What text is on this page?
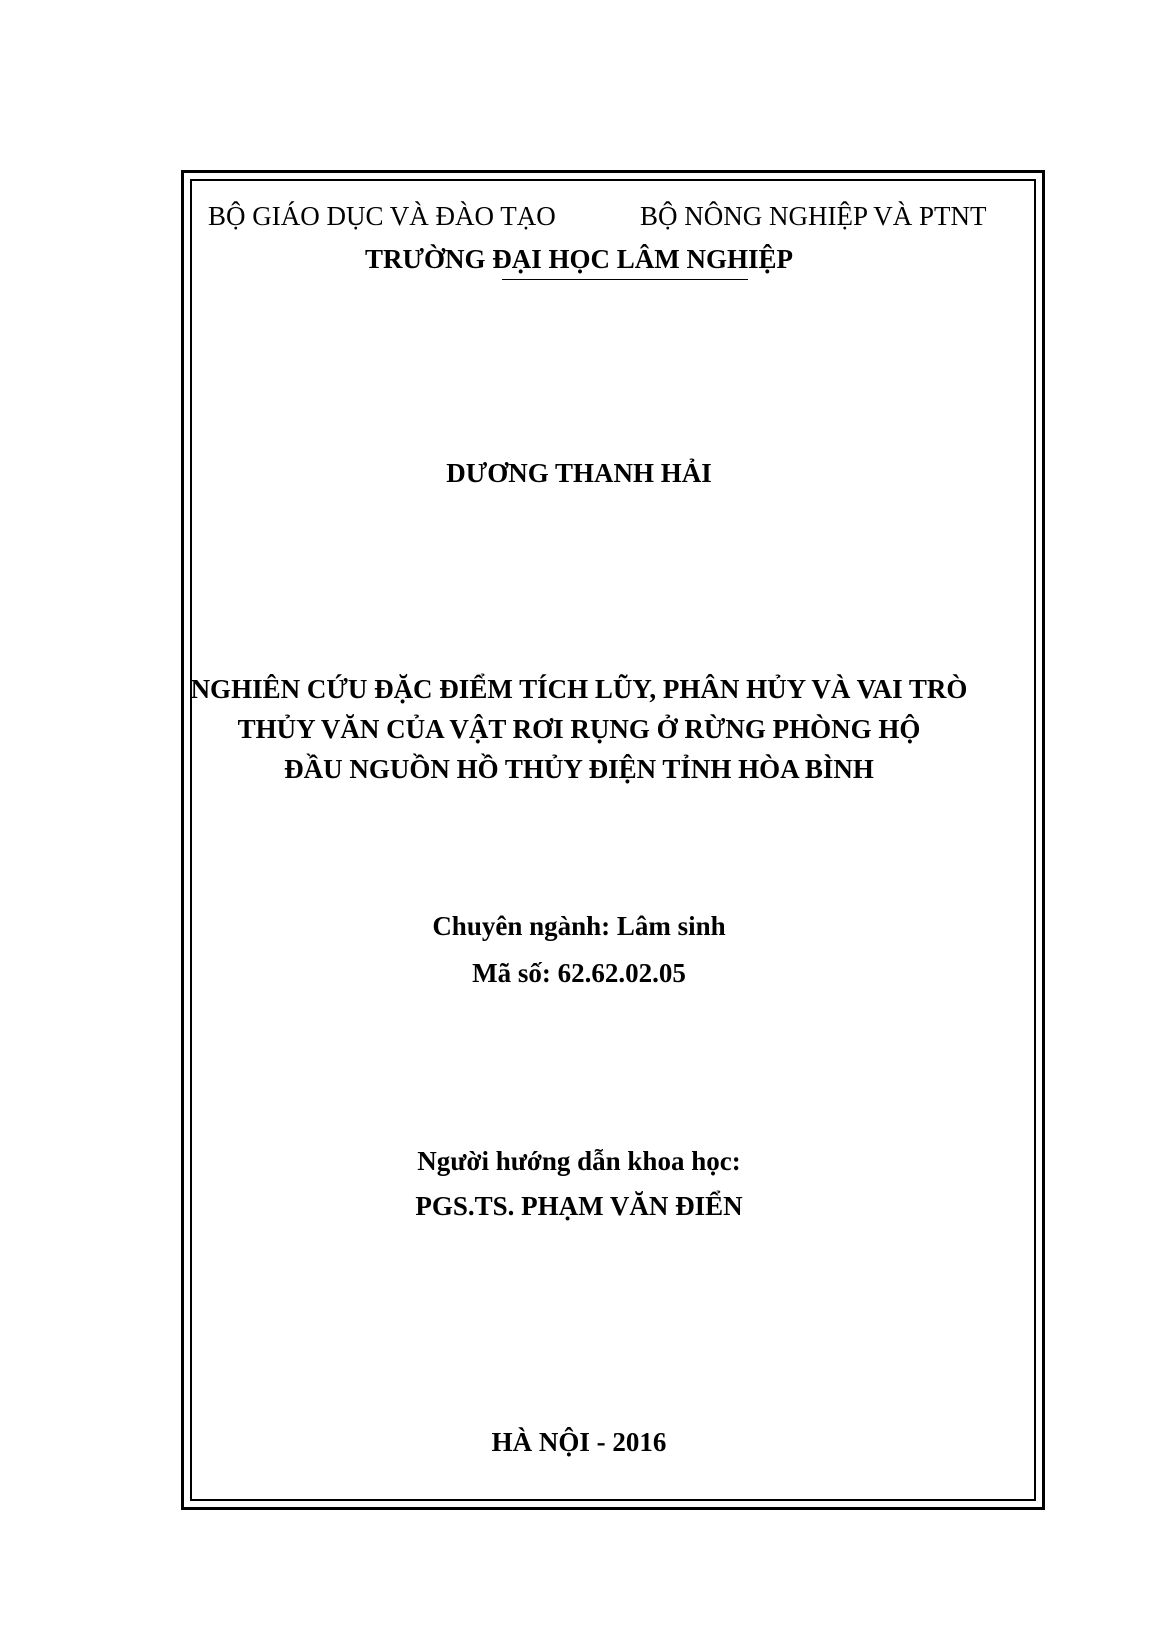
BỘ GIÁO DỤC VÀ ĐÀO TẠO	BỘ NÔNG NGHIỆP VÀ PTNT
TRƯỜNG ĐẠI HỌC LÂM NGHIỆP
DƯƠNG THANH HẢI
NGHIÊN CỨU ĐẶC ĐIỂM TÍCH LŨY, PHÂN HỦY VÀ VAI TRÒ
THỦY VĂN CỦA VẬT RƠI RỤNG Ở RỪNG PHÒNG HỘ
ĐẦU NGUỒN HỒ THỦY ĐIỆN TỈNH HÒA BÌNH
Chuyên ngành: Lâm sinh
Mã số: 62.62.02.05
Người hướng dẫn khoa học:
PGS.TS. PHẠM VĂN ĐIỂN
HÀ NỘI - 2016
